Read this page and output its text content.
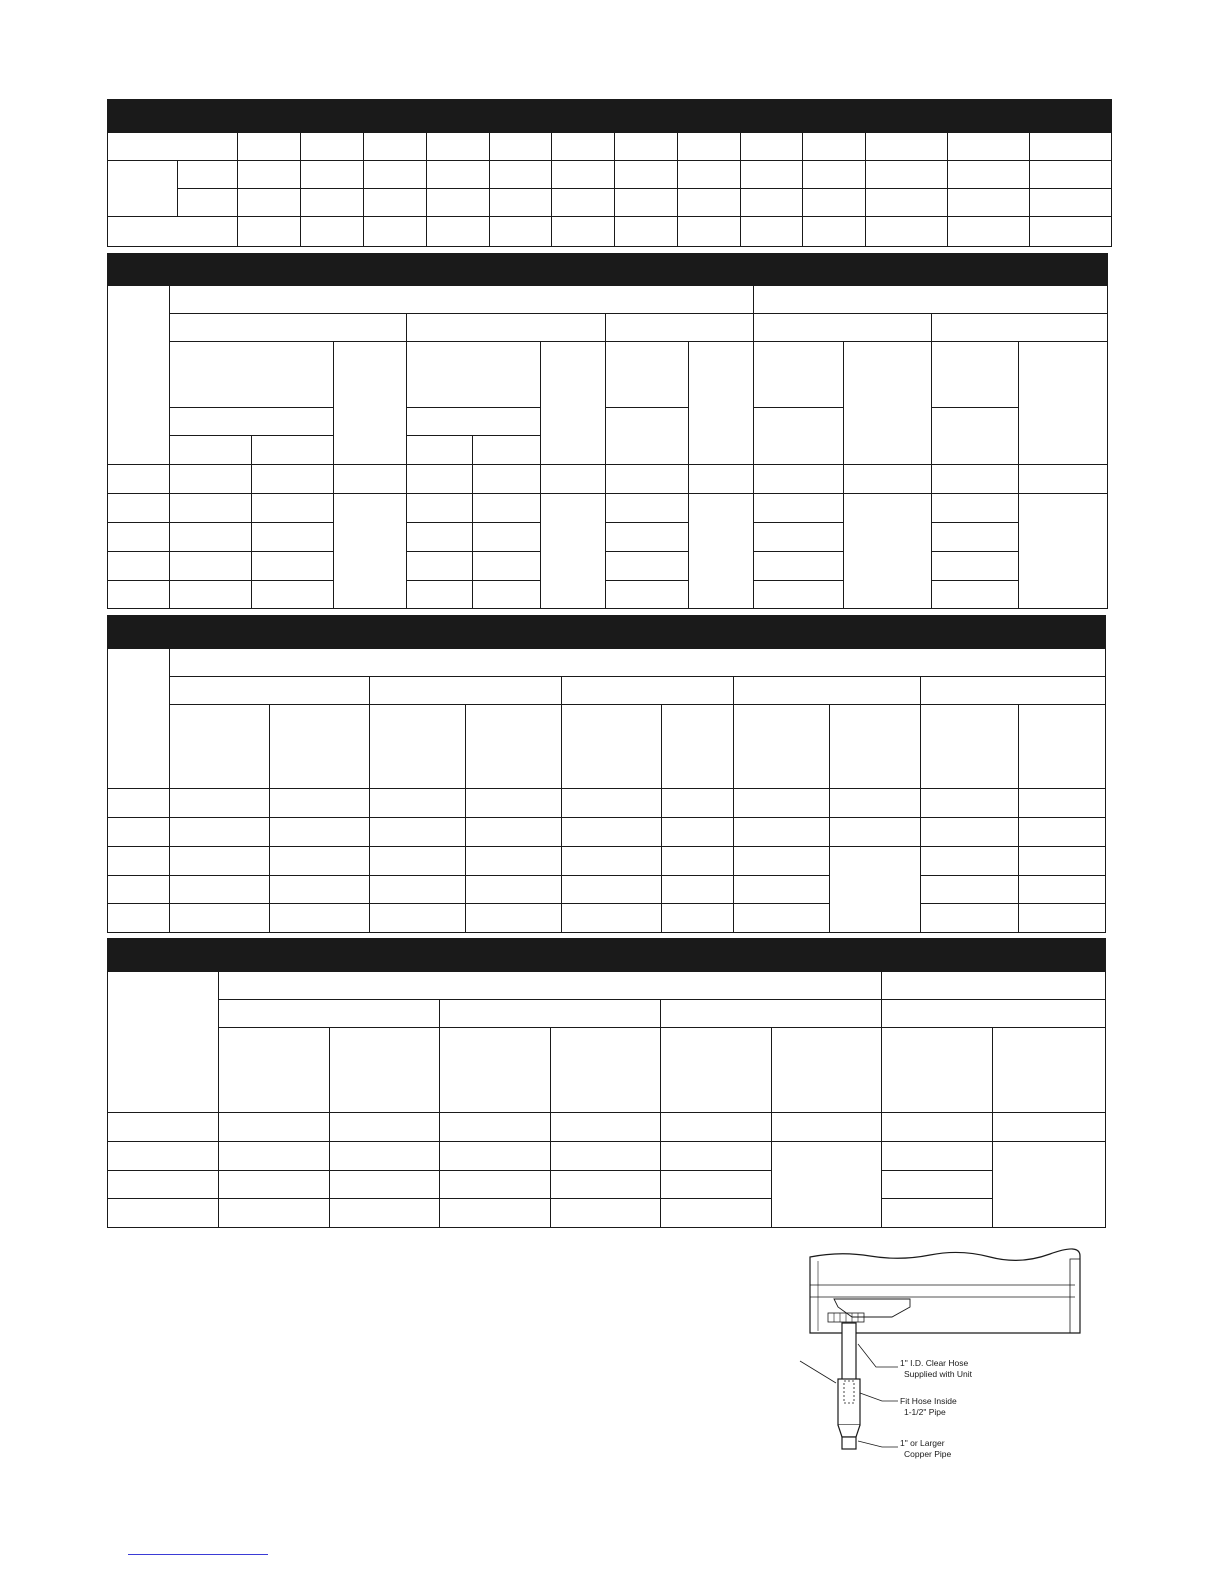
1" I.D. Clear Hose
Supplied with Unit
Fit Hose Inside
1-1/2" Pipe
1" or Larger
Copper Pipe
